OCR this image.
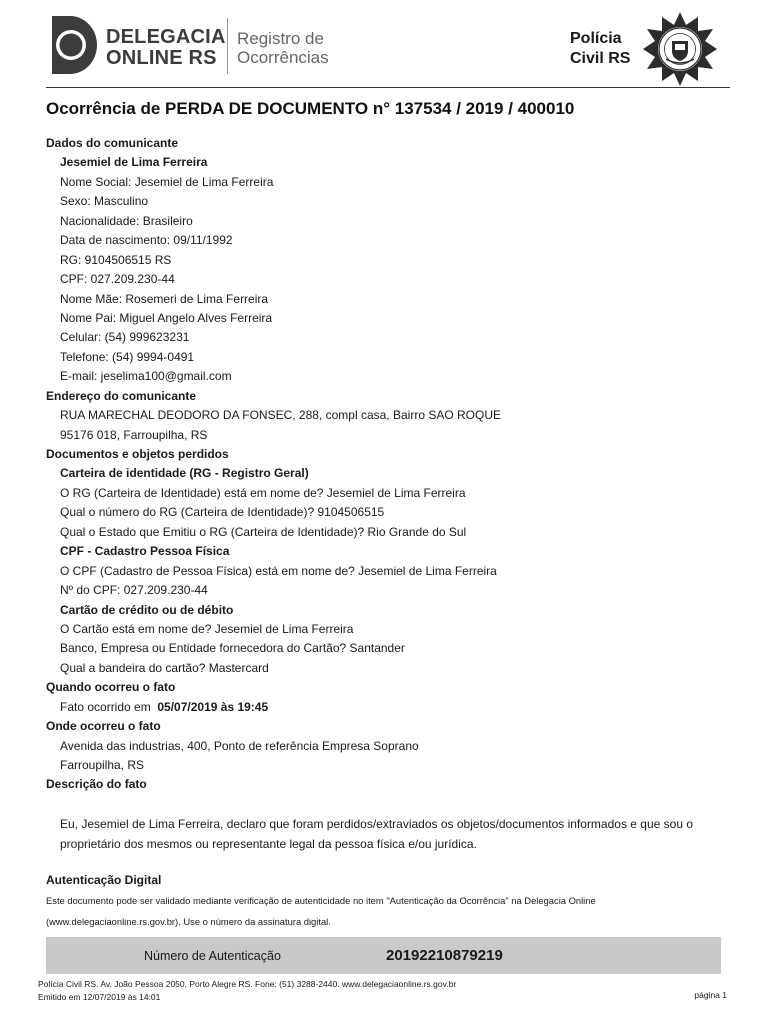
DELEGACIA
ONLINE RS
Registro de
Ocorrências
Polícia
Civil RS
Ocorrência de PERDA DE DOCUMENTO n° 137534 / 2019 / 400010
Dados do comunicante
Jesemiel de Lima Ferreira
Nome Social: Jesemiel de Lima Ferreira
Sexo: Masculino
Nacionalidade: Brasileiro
Data de nascimento: 09/11/1992
RG: 9104506515 RS
CPF: 027.209.230-44
Nome Mãe: Rosemeri de Lima Ferreira
Nome Pai: Miguel Angelo Alves Ferreira
Celular: (54) 999623231
Telefone: (54) 9994-0491
E-mail: jeselima100@gmail.com
Endereço do comunicante
RUA MARECHAL DEODORO DA FONSEC, 288, compl casa, Bairro SAO ROQUE
95176 018, Farroupilha, RS
Documentos e objetos perdidos
Carteira de identidade (RG - Registro Geral)
O RG (Carteira de Identidade) está em nome de? Jesemiel de Lima Ferreira
Qual o número do RG (Carteira de Identidade)? 9104506515
Qual o Estado que Emitiu o RG (Carteira de Identidade)? Rio Grande do Sul
CPF - Cadastro Pessoa Física
O CPF (Cadastro de Pessoa Física) está em nome de? Jesemiel de Lima Ferreira
Nº do CPF: 027.209.230-44
Cartão de crédito ou de débito
O Cartão está em nome de? Jesemiel de Lima Ferreira
Banco, Empresa ou Entidade fornecedora do Cartão? Santander
Qual a bandeira do cartão? Mastercard
Quando ocorreu o fato
Fato ocorrido em  05/07/2019 às 19:45
Onde ocorreu o fato
Avenida das industrias, 400, Ponto de referência Empresa Soprano
Farroupilha, RS
Descrição do fato
Eu, Jesemiel de Lima Ferreira, declaro que foram perdidos/extraviados os objetos/documentos informados e que sou o proprietário dos mesmos ou representante legal da pessoa física e/ou jurídica.
Autenticação Digital
Este documento pode ser validado mediante verificação de autenticidade no item "Autenticação da Ocorrência" na Delegacia Online (www.delegaciaonline.rs.gov.br). Use o número da assinatura digital.
Número de Autenticação	20192210879219
Polícia Civil RS. Av. João Pessoa 2050, Porto Alegre RS. Fone: (51) 3288-2440. www.delegaciaonline.rs.gov.br
Emitido em 12/07/2019 às 14:01	página 1
